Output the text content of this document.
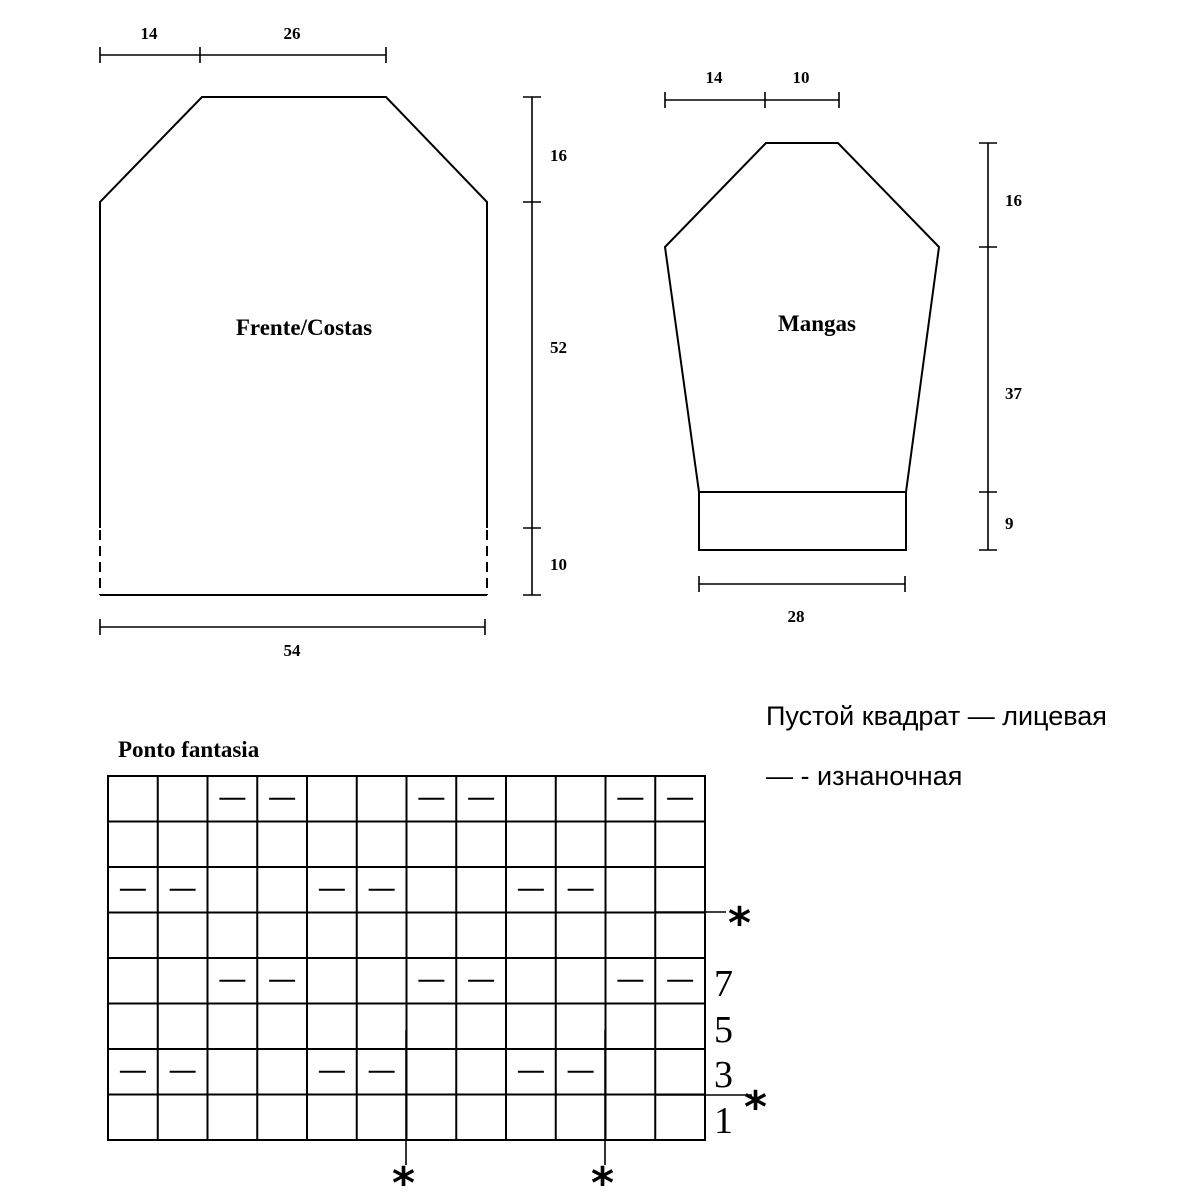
Frente/Costas
14	26
16
52
10
54
Mangas
14	10
16
37
9
28
Пустой квадрат — лицевая
— - изнаночная
Ponto fantasia
7
5
3
1
*
*
*	*
